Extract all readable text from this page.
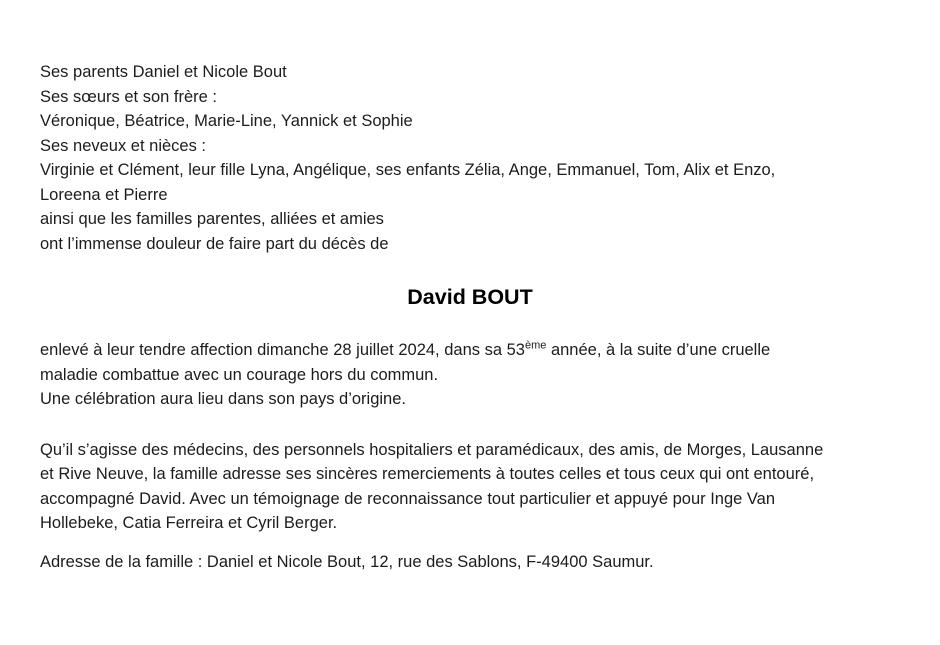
Ses parents Daniel et Nicole Bout
Ses sœurs et son frère :
Véronique, Béatrice, Marie-Line, Yannick et Sophie
Ses neveux et nièces :
Virginie et Clément, leur fille Lyna, Angélique, ses enfants Zélia, Ange, Emmanuel, Tom, Alix et Enzo,
Loreena et Pierre
ainsi que les familles parentes, alliées et amies
ont l’immense douleur de faire part du décès de
David BOUT
enlevé à leur tendre affection dimanche 28 juillet 2024, dans sa 53ème année, à la suite d’une cruelle
maladie combattue avec un courage hors du commun.
Une célébration aura lieu dans son pays d’origine.
Qu’il s’agisse des médecins, des personnels hospitaliers et paramédicaux, des amis, de Morges, Lausanne
et Rive Neuve, la famille adresse ses sincères remerciements à toutes celles et tous ceux qui ont entouré,
accompagné David. Avec un témoignage de reconnaissance tout particulier et appuyé pour Inge Van
Hollebeke, Catia Ferreira et Cyril Berger.
Adresse de la famille : Daniel et Nicole Bout, 12, rue des Sablons, F-49400 Saumur.
